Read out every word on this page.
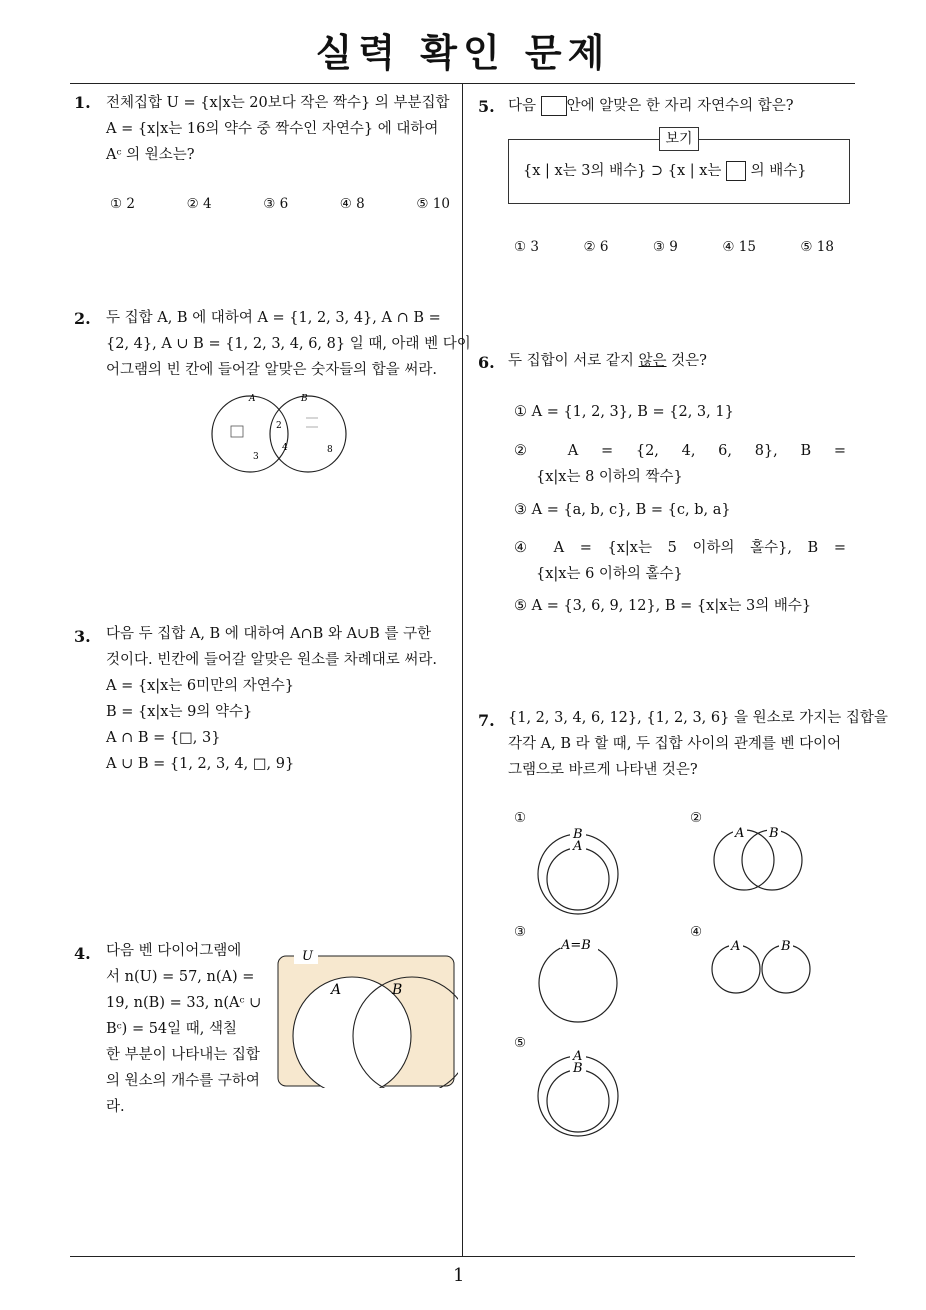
실력 확인 문제
1
1. 전체집합 U = {x|x는 20보다 작은 짝수} 의 부분집합
A = {x|x는 16의 약수 중 짝수인 자연수} 에 대하여
Aᶜ 의 원소는?
① 2	② 4	③ 6	④ 8	⑤ 10
2. 두 집합 A, B 에 대하여 A = {1, 2, 3, 4}, A ∩ B =
{2, 4}, A ∪ B = {1, 2, 3, 4, 6, 8} 일 때, 아래 벤 다이
어그램의 빈 칸에 들어갈 알맞은 숫자들의 합을 써라.
A	B
2
4
3
8
3. 다음 두 집합 A, B 에 대하여 A∩B 와 A∪B 를 구한
것이다. 빈칸에 들어갈 알맞은 원소를 차례대로 써라.
A = {x|x는 6미만의 자연수}
B = {x|x는 9의 약수}
A ∩ B = {□, 3}
A ∪ B = {1, 2, 3, 4, □, 9}
4. 다음 벤 다이어그램에
서 n(U) = 57, n(A) =
19, n(B) = 33, n(Aᶜ ∪
Bᶜ) = 54일 때, 색칠
한 부분이 나타내는 집합
의 원소의 개수를 구하여
라.
U
A	B
5. 다음 안에 알맞은 한 자리 자연수의 합은?
보기
{x | x는 3의 배수} ⊃ {x | x는 의 배수}
① 3	② 6	③ 9	④ 15	⑤ 18
6. 두 집합이 서로 같지 않은 것은?
① A = {1, 2, 3}, B = {2, 3, 1}
② A = {2, 4, 6, 8}, B =
{x|x는 8 이하의 짝수}
③ A = {a, b, c}, B = {c, b, a}
④ A = {x|x는 5 이하의 홀수}, B =
{x|x는 6 이하의 홀수}
⑤ A = {3, 6, 9, 12}, B = {x|x는 3의 배수}
7. {1, 2, 3, 4, 6, 12}, {1, 2, 3, 6} 을 원소로 가지는 집합을
각각 A, B 라 할 때, 두 집합 사이의 관계를 벤 다이어
그램으로 바르게 나타낸 것은?
①
B
A
②
A B
③
A=B
④
A	B
⑤
A
B
